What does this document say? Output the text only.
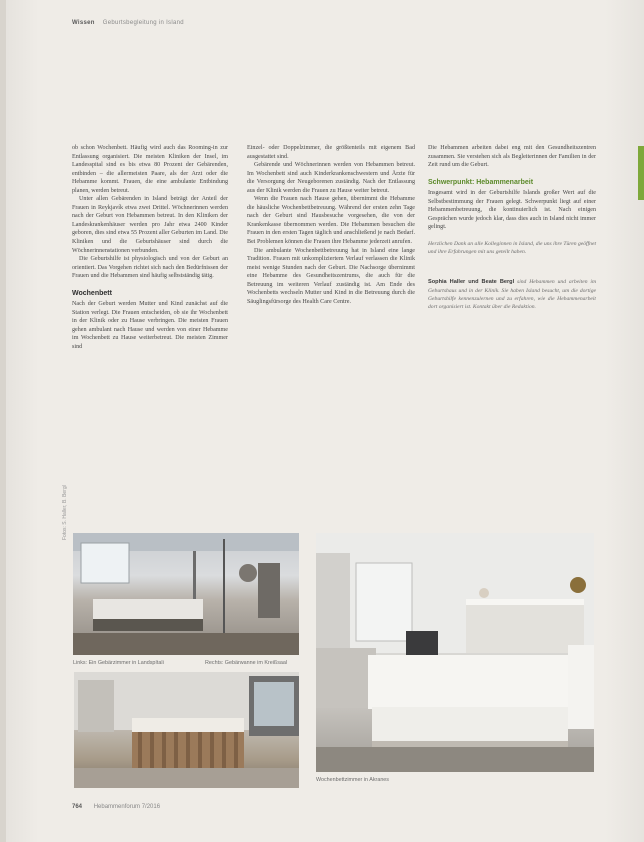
Wissen Geburtsbegleitung in Island

ob schon Wochenbett. Häufig wird auch das Rooming-in zur Entlassung organisiert. Die meisten Kliniken der Insel, im Landesspital sind es bis etwa 80 Prozent der Gebärenden, entbinden – die allermeisten Paare, als der Arzt oder die Hebamme kommt. Frauen, die eine ambulante Entbindung planen, werden betreut.

Unter allen Gebärenden in Island beträgt der Anteil der Frauen in Reykjavík etwa zwei Drittel. Wöchnerinnen werden nach der Geburt von Hebammen betreut. In den Kliniken der Landeskrankenhäuser werden pro Jahr etwa 2400 Kinder geboren, dies sind etwa 55 Prozent aller Geburten im Land. Die Kliniken und die Geburtshäuser sind durch die Wöchnerinnenstationen verbunden.

Die Geburtshilfe ist physiologisch und von der Geburt an orientiert. Das Vorgehen richtet sich nach den Bedürfnissen der Frauen und die Hebammen sind häufig selbstständig tätig.

Wochenbett

Nach der Geburt werden Mutter und Kind zunächst auf die Station verlegt. Die Frauen entscheiden, ob sie ihr Wochenbett in der Klinik oder zu Hause verbringen. Die meisten Frauen gehen ambulant nach Hause und werden von einer Hebamme im Wochenbett zu Hause weiterbetreut. Die meisten Zimmer sind

Einzel- oder Doppelzimmer, die größtenteils mit eigenem Bad ausgestattet sind.

Gebärende und Wöchnerinnen werden von Hebammen betreut. Im Wochenbett sind auch Kinderkrankenschwestern und Ärzte für die Versorgung der Neugeborenen zuständig. Nach der Entlassung aus der Klinik werden die Frauen zu Hause weiter betreut.

Wenn die Frauen nach Hause gehen, übernimmt die Hebamme die häusliche Wochenbettbetreuung. Während der ersten zehn Tage nach der Geburt sind Hausbesuche vorgesehen, die von der Krankenkasse übernommen werden. Die Hebammen besuchen die Frauen in den ersten Tagen täglich und anschließend je nach Bedarf. Bei Problemen können die Frauen ihre Hebamme jederzeit anrufen.

Die ambulante Wochenbettbetreuung hat in Island eine lange Tradition. Frauen mit unkompliziertem Verlauf verlassen die Klinik meist wenige Stunden nach der Geburt. Die Nachsorge übernimmt eine Hebamme des Gesundheitszentrums, die auch für die Betreuung im weiteren Verlauf zuständig ist. Am Ende des Wochenbetts wechseln Mutter und Kind in die Betreuung durch die Säuglingsfürsorge des Health Care Centre.

Die Hebammen arbeiten dabei eng mit den Gesundheitszentren zusammen. Sie verstehen sich als Begleiterinnen der Familien in der Zeit rund um die Geburt.

Schwerpunkt: Hebammenarbeit

Insgesamt wird in der Geburtshilfe Islands großer Wert auf die Selbstbestimmung der Frauen gelegt. Schwerpunkt liegt auf einer Hebammenbetreuung, die kontinuierlich ist. Nach einigen Gesprächen wurde jedoch klar, dass dies auch in Island nicht immer gelingt.

Herzlichen Dank an alle Kolleginnen in Island, die uns ihre Türen geöffnet und ihre Erfahrungen mit uns geteilt haben.
Sophia Haller und Beate Bergl sind Hebammen und arbeiten im Geburtshaus und in der Klinik. Sie haben Island besucht, um die dortige Geburtshilfe kennenzulernen und zu erfahren, wie die Hebammenarbeit dort organisiert ist. Kontakt über die Redaktion.
Fotos: S. Haller, B. Bergl
Links: Ein Gebärzimmer in Landspítali	Rechts: Gebärwanne im Kreißsaal
Wochenbettzimmer in Akranes
764 Hebammenforum 7/2016
